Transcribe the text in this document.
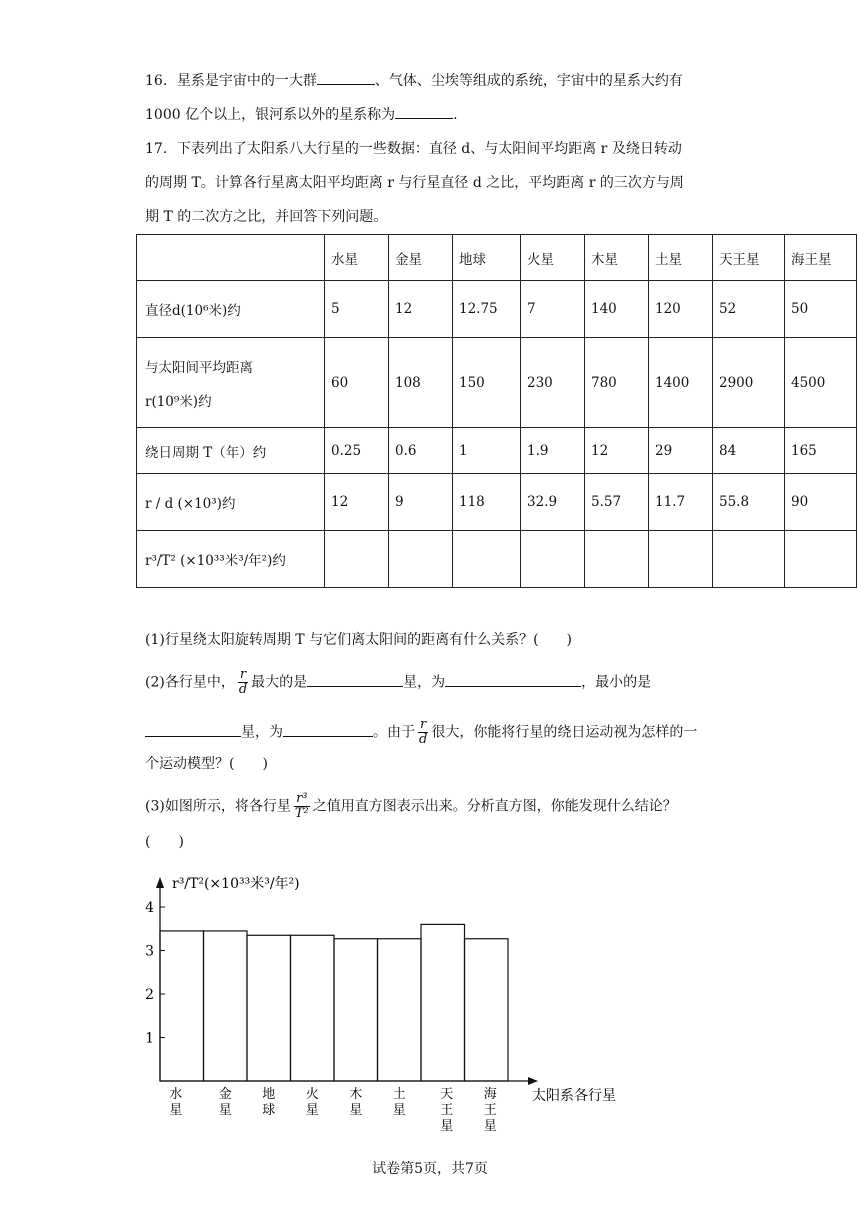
16．星系是宇宙中的一大群	、气体、尘埃等组成的系统，宇宙中的星系大约有
1000 亿个以上，银河系以外的星系称为	.
17．下表列出了太阳系八大行星的一些数据：直径 d、与太阳间平均距离 r 及绕日转动
的周期 T。计算各行星离太阳平均距离 r 与行星直径 d 之比，平均距离 r 的三次方与周
期 T 的二次方之比，并回答下列问题。
	水星	金星	地球	火星	木星	土星	天王星	海王星
直径d(10⁶米)约	5	12	12.75	7	140	120	52	50

与太阳间平均距离
r(10⁹米)约	60	108	150	230	780	1400	2900	4500
绕日周期 T（年）约	0.25	0.6	1	1.9	12	29	84	165
r / d (×10³)约	12	9	118	32.9	5.57	11.7	55.8	90
r³/T² (×10³³米³/年²)约								
(1)行星绕太阳旋转周期 T 与它们离太阳间的距离有什么关系？(　　)
(2)各行星中， $\frac{r}{d}$ 最大的是	星，为	，最小的是
星，为	。由于 $\frac{r}{d}$ 很大，你能将行星的绕日运动视为怎样的一
个运动模型？(　　)
(3)如图所示，将各行星 $\frac{\text{r³}}{\text{T²}}$ 之值用直方图表示出来。分析直方图，你能发现什么结论？
(　　)
r³/T²(×10³³米³/年²)
1
2
3
4
水星
金星
地球
火星
木星
土星
天王星
海王星
太阳系各行星
试卷第5页，共7页
